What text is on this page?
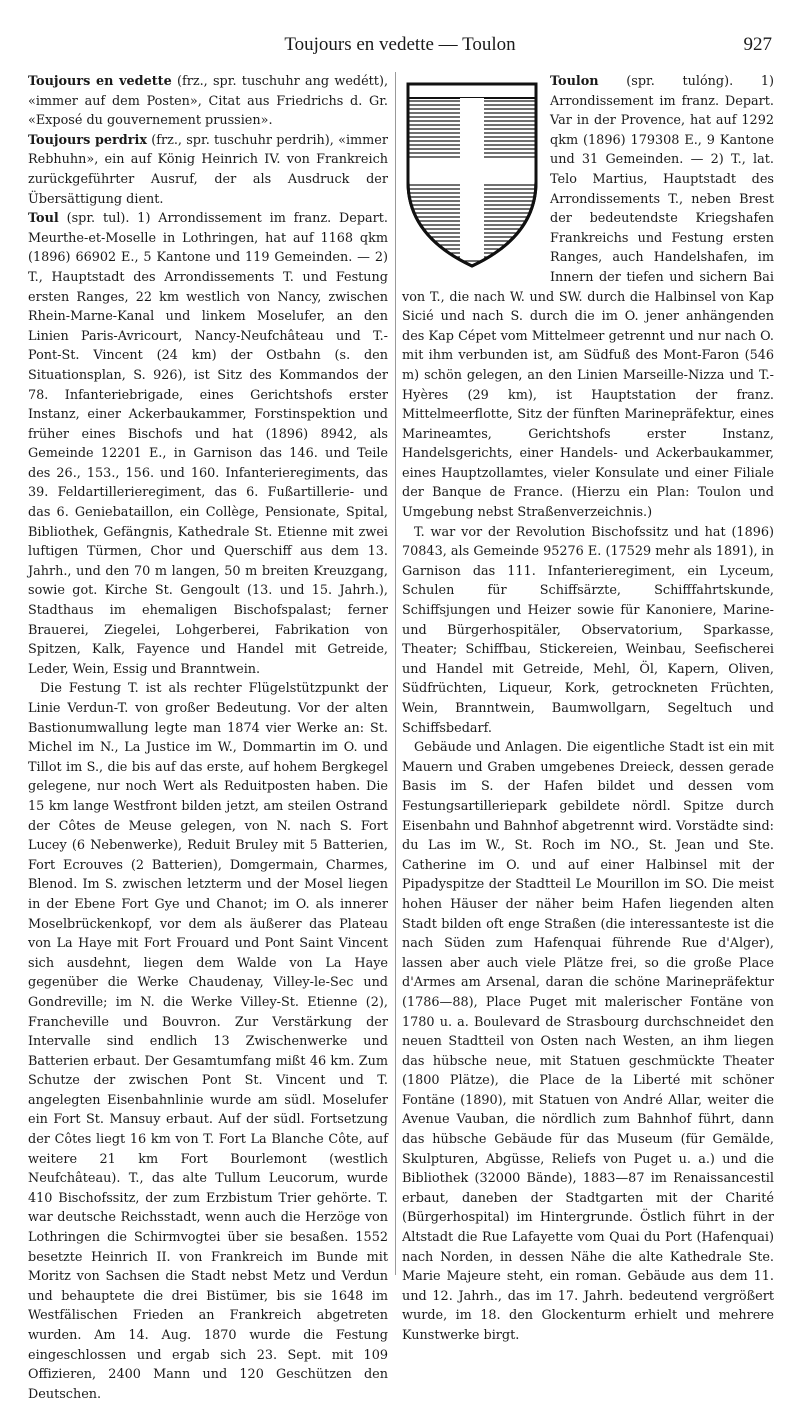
Toujours en vedette — Toulon	927

Toujours en vedette (frz., spr. tuschuhr ang wedétt), «immer auf dem Posten», Citat aus Friedrichs d. Gr. «Exposé du gouvernement prussien».

Toujours perdrix (frz., spr. tuschuhr perdrih), «immer Rebhuhn», ein auf König Heinrich IV. von Frankreich zurückgeführter Ausruf, der als Ausdruck der Übersättigung dient.

Toul (spr. tul). 1) Arrondissement im franz. Depart. Meurthe-et-Moselle in Lothringen, hat auf 1168 qkm (1896) 66902 E., 5 Kantone und 119 Gemeinden. — 2) T., Hauptstadt des Arrondissements T. und Festung ersten Ranges, 22 km westlich von Nancy, zwischen Rhein-Marne-Kanal und linkem Moselufer, an den Linien Paris-Avricourt, Nancy-Neufchâteau und T.-Pont-St. Vincent (24 km) der Ostbahn (s. den Situationsplan, S. 926), ist Sitz des Kommandos der 78. Infanteriebrigade, eines Gerichtshofs erster Instanz, einer Ackerbaukammer, Forstinspektion und früher eines Bischofs und hat (1896) 8942, als Gemeinde 12201 E., in Garnison das 146. und Teile des 26., 153., 156. und 160. Infanterieregiments, das 39. Feldartillerieregiment, das 6. Fußartillerie- und das 6. Geniebataillon, ein Collège, Pensionate, Spital, Bibliothek, Gefängnis, Kathedrale St. Etienne mit zwei luftigen Türmen, Chor und Querschiff aus dem 13. Jahrh., und den 70 m langen, 50 m breiten Kreuzgang, sowie got. Kirche St. Gengoult (13. und 15. Jahrh.), Stadthaus im ehemaligen Bischofspalast; ferner Brauerei, Ziegelei, Lohgerberei, Fabrikation von Spitzen, Kalk, Fayence und Handel mit Getreide, Leder, Wein, Essig und Branntwein.

Die Festung T. ist als rechter Flügelstützpunkt der Linie Verdun-T. von großer Bedeutung. Vor der alten Bastionumwallung legte man 1874 vier Werke an: St. Michel im N., La Justice im W., Dommartin im O. und Tillot im S., die bis auf das erste, auf hohem Bergkegel gelegene, nur noch Wert als Reduitposten haben. Die 15 km lange Westfront bilden jetzt, am steilen Ostrand der Côtes de Meuse gelegen, von N. nach S. Fort Lucey (6 Nebenwerke), Reduit Bruley mit 5 Batterien, Fort Ecrouves (2 Batterien), Domgermain, Charmes, Blenod. Im S. zwischen letzterm und der Mosel liegen in der Ebene Fort Gye und Chanot; im O. als innerer Moselbrückenkopf, vor dem als äußerer das Plateau von La Haye mit Fort Frouard und Pont Saint Vincent sich ausdehnt, liegen dem Walde von La Haye gegenüber die Werke Chaudenay, Villey-le-Sec und Gondreville; im N. die Werke Villey-St. Etienne (2), Francheville und Bouvron. Zur Verstärkung der Intervalle sind endlich 13 Zwischenwerke und Batterien erbaut. Der Gesamtumfang mißt 46 km. Zum Schutze der zwischen Pont St. Vincent und T. angelegten Eisenbahnlinie wurde am südl. Moselufer ein Fort St. Mansuy erbaut. Auf der südl. Fortsetzung der Côtes liegt 16 km von T. Fort La Blanche Côte, auf weitere 21 km Fort Bourlemont (westlich Neufchâteau). T., das alte Tullum Leucorum, wurde 410 Bischofssitz, der zum Erzbistum Trier gehörte. T. war deutsche Reichsstadt, wenn auch die Herzöge von Lothringen die Schirmvogtei über sie besaßen. 1552 besetzte Heinrich II. von Frankreich im Bunde mit Moritz von Sachsen die Stadt nebst Metz und Verdun und behauptete die drei Bistümer, bis sie 1648 im Westfälischen Frieden an Frankreich abgetreten wurden. Am 14. Aug. 1870 wurde die Festung eingeschlossen und ergab sich 23. Sept. mit 109 Offizieren, 2400 Mann und 120 Geschützen den Deutschen.

Toulon (spr. tulóng). 1) Arrondissement im franz. Depart. Var in der Provence, hat auf 1292 qkm (1896) 179308 E., 9 Kantone und 31 Gemeinden. — 2) T., lat. Telo Martius, Hauptstadt des Arrondissements T., neben Brest der bedeutendste Kriegshafen Frankreichs und Festung ersten Ranges, auch Handelshafen, im Innern der tiefen und sichern Bai von T., die nach W. und SW. durch die Halbinsel von Kap Sicié und nach S. durch die im O. jener anhängenden des Kap Cépet vom Mittelmeer getrennt und nur nach O. mit ihm verbunden ist, am Südfuß des Mont-Faron (546 m) schön gelegen, an den Linien Marseille-Nizza und T.-Hyères (29 km), ist Hauptstation der franz. Mittelmeerflotte, Sitz der fünften Marinepräfektur, eines Marineamtes, Gerichtshofs erster Instanz, Handelsgerichts, einer Handels- und Ackerbaukammer, eines Hauptzollamtes, vieler Konsulate und einer Filiale der Banque de France. (Hierzu ein Plan: Toulon und Umgebung nebst Straßenverzeichnis.)

T. war vor der Revolution Bischofssitz und hat (1896) 70843, als Gemeinde 95276 E. (17529 mehr als 1891), in Garnison das 111. Infanterieregiment, ein Lyceum, Schulen für Schiffsärzte, Schifffahrtskunde, Schiffsjungen und Heizer sowie für Kanoniere, Marine- und Bürgerhospitäler, Observatorium, Sparkasse, Theater; Schiffbau, Stickereien, Weinbau, Seefischerei und Handel mit Getreide, Mehl, Öl, Kapern, Oliven, Südfrüchten, Liqueur, Kork, getrockneten Früchten, Wein, Branntwein, Baumwollgarn, Segeltuch und Schiffsbedarf.

Gebäude und Anlagen. Die eigentliche Stadt ist ein mit Mauern und Graben umgebenes Dreieck, dessen gerade Basis im S. der Hafen bildet und dessen vom Festungsartilleriepark gebildete nördl. Spitze durch Eisenbahn und Bahnhof abgetrennt wird. Vorstädte sind: du Las im W., St. Roch im NO., St. Jean und Ste. Catherine im O. und auf einer Halbinsel mit der Pipadyspitze der Stadtteil Le Mourillon im SO. Die meist hohen Häuser der näher beim Hafen liegenden alten Stadt bilden oft enge Straßen (die interessanteste ist die nach Süden zum Hafenquai führende Rue d'Alger), lassen aber auch viele Plätze frei, so die große Place d'Armes am Arsenal, daran die schöne Marinepräfektur (1786—88), Place Puget mit malerischer Fontäne von 1780 u. a. Boulevard de Strasbourg durchschneidet den neuen Stadtteil von Osten nach Westen, an ihm liegen das hübsche neue, mit Statuen geschmückte Theater (1800 Plätze), die Place de la Liberté mit schöner Fontäne (1890), mit Statuen von André Allar, weiter die Avenue Vauban, die nördlich zum Bahnhof führt, dann das hübsche Gebäude für das Museum (für Gemälde, Skulpturen, Abgüsse, Reliefs von Puget u. a.) und die Bibliothek (32000 Bände), 1883—87 im Renaissancestil erbaut, daneben der Stadtgarten mit der Charité (Bürgerhospital) im Hintergrunde. Östlich führt in der Altstadt die Rue Lafayette vom Quai du Port (Hafenquai) nach Norden, in dessen Nähe die alte Kathedrale Ste. Marie Majeure steht, ein roman. Gebäude aus dem 11. und 12. Jahrh., das im 17. Jahrh. bedeutend vergrößert wurde, im 18. den Glockenturm erhielt und mehrere Kunstwerke birgt.
